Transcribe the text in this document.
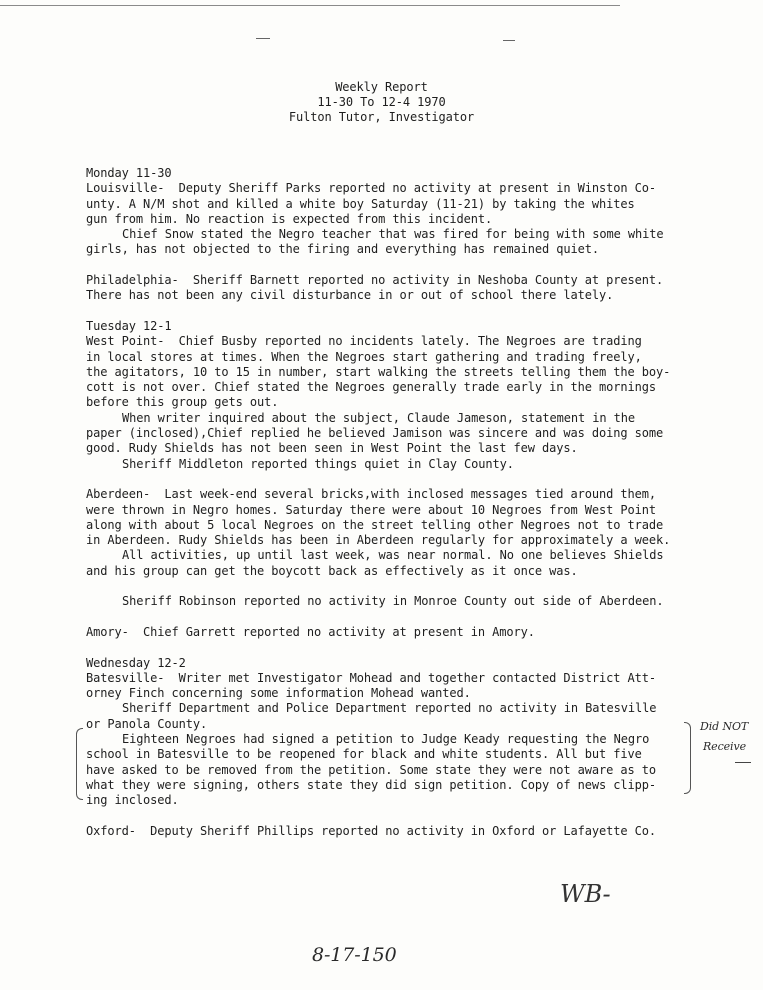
Weekly Report
11-30 To 12-4 1970
Fulton Tutor, Investigator
Monday 11-30
Louisville-  Deputy Sheriff Parks reported no activity at present in Winston Co-
unty. A N/M shot and killed a white boy Saturday (11-21) by taking the whites
gun from him. No reaction is expected from this incident.
Chief Snow stated the Negro teacher that was fired for being with some white
girls, has not objected to the firing and everything has remained quiet.
Philadelphia-  Sheriff Barnett reported no activity in Neshoba County at present.
There has not been any civil disturbance in or out of school there lately.
Tuesday 12-1
West Point-  Chief Busby reported no incidents lately. The Negroes are trading
in local stores at times. When the Negroes start gathering and trading freely,
the agitators, 10 to 15 in number, start walking the streets telling them the boy-
cott is not over. Chief stated the Negroes generally trade early in the mornings
before this group gets out.
When writer inquired about the subject, Claude Jameson, statement in the
paper (inclosed),Chief replied he believed Jamison was sincere and was doing some
good. Rudy Shields has not been seen in West Point the last few days.
Sheriff Middleton reported things quiet in Clay County.
Aberdeen-  Last week-end several bricks,with inclosed messages tied around them,
were thrown in Negro homes. Saturday there were about 10 Negroes from West Point
along with about 5 local Negroes on the street telling other Negroes not to trade
in Aberdeen. Rudy Shields has been in Aberdeen regularly for approximately a week.
All activities, up until last week, was near normal. No one believes Shields
and his group can get the boycott back as effectively as it once was.
Sheriff Robinson reported no activity in Monroe County out side of Aberdeen.
Amory-  Chief Garrett reported no activity at present in Amory.
Wednesday 12-2
Batesville-  Writer met Investigator Mohead and together contacted District Att-
orney Finch concerning some information Mohead wanted.
Sheriff Department and Police Department reported no activity in Batesville
or Panola County.
Eighteen Negroes had signed a petition to Judge Keady requesting the Negro
school in Batesville to be reopened for black and white students. All but five
have asked to be removed from the petition. Some state they were not aware as to
what they were signing, others state they did sign petition. Copy of news clipp-
ing inclosed.
Oxford-  Deputy Sheriff Phillips reported no activity in Oxford or Lafayette Co.
Did NOT
Receive
WB-
8-17-150
